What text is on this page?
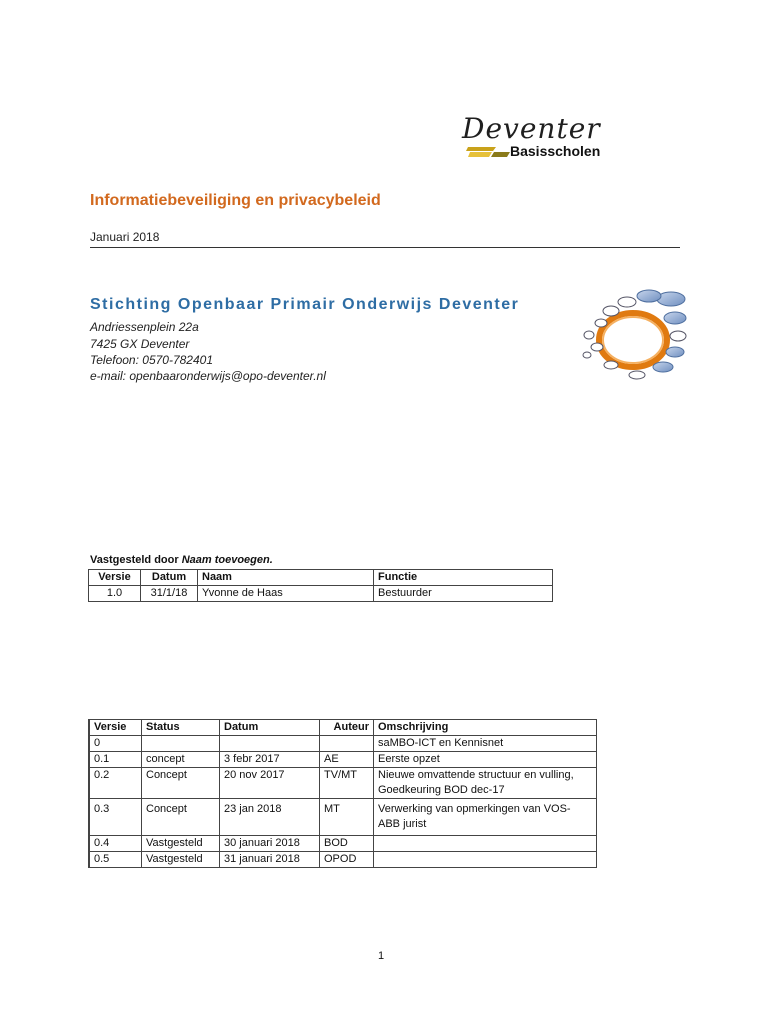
Deventer
Basisscholen
Informatiebeveiliging en privacybeleid
Januari 2018
Stichting Openbaar Primair Onderwijs Deventer
Andriessenplein 22a
7425 GX Deventer
Telefoon: 0570-782401
e-mail: openbaaronderwijs@opo-deventer.nl
Vastgesteld door Naam toevoegen.
Versie	Datum	Naam	Functie
1.0	31/1/18	Yvonne de Haas	Bestuurder
Versie	Status	Datum	Auteur	Omschrijving
0				saMBO-ICT en Kennisnet
0.1	concept	3 febr 2017	AE	Eerste opzet
0.2	Concept	20 nov 2017	TV/MT	Nieuwe omvattende structuur en vulling, Goedkeuring BOD dec-17
0.3	Concept	23 jan 2018	MT	Verwerking van opmerkingen van VOS-ABB jurist
0.4	Vastgesteld	30 januari 2018	BOD	
0.5	Vastgesteld	31 januari 2018	OPOD	
1
